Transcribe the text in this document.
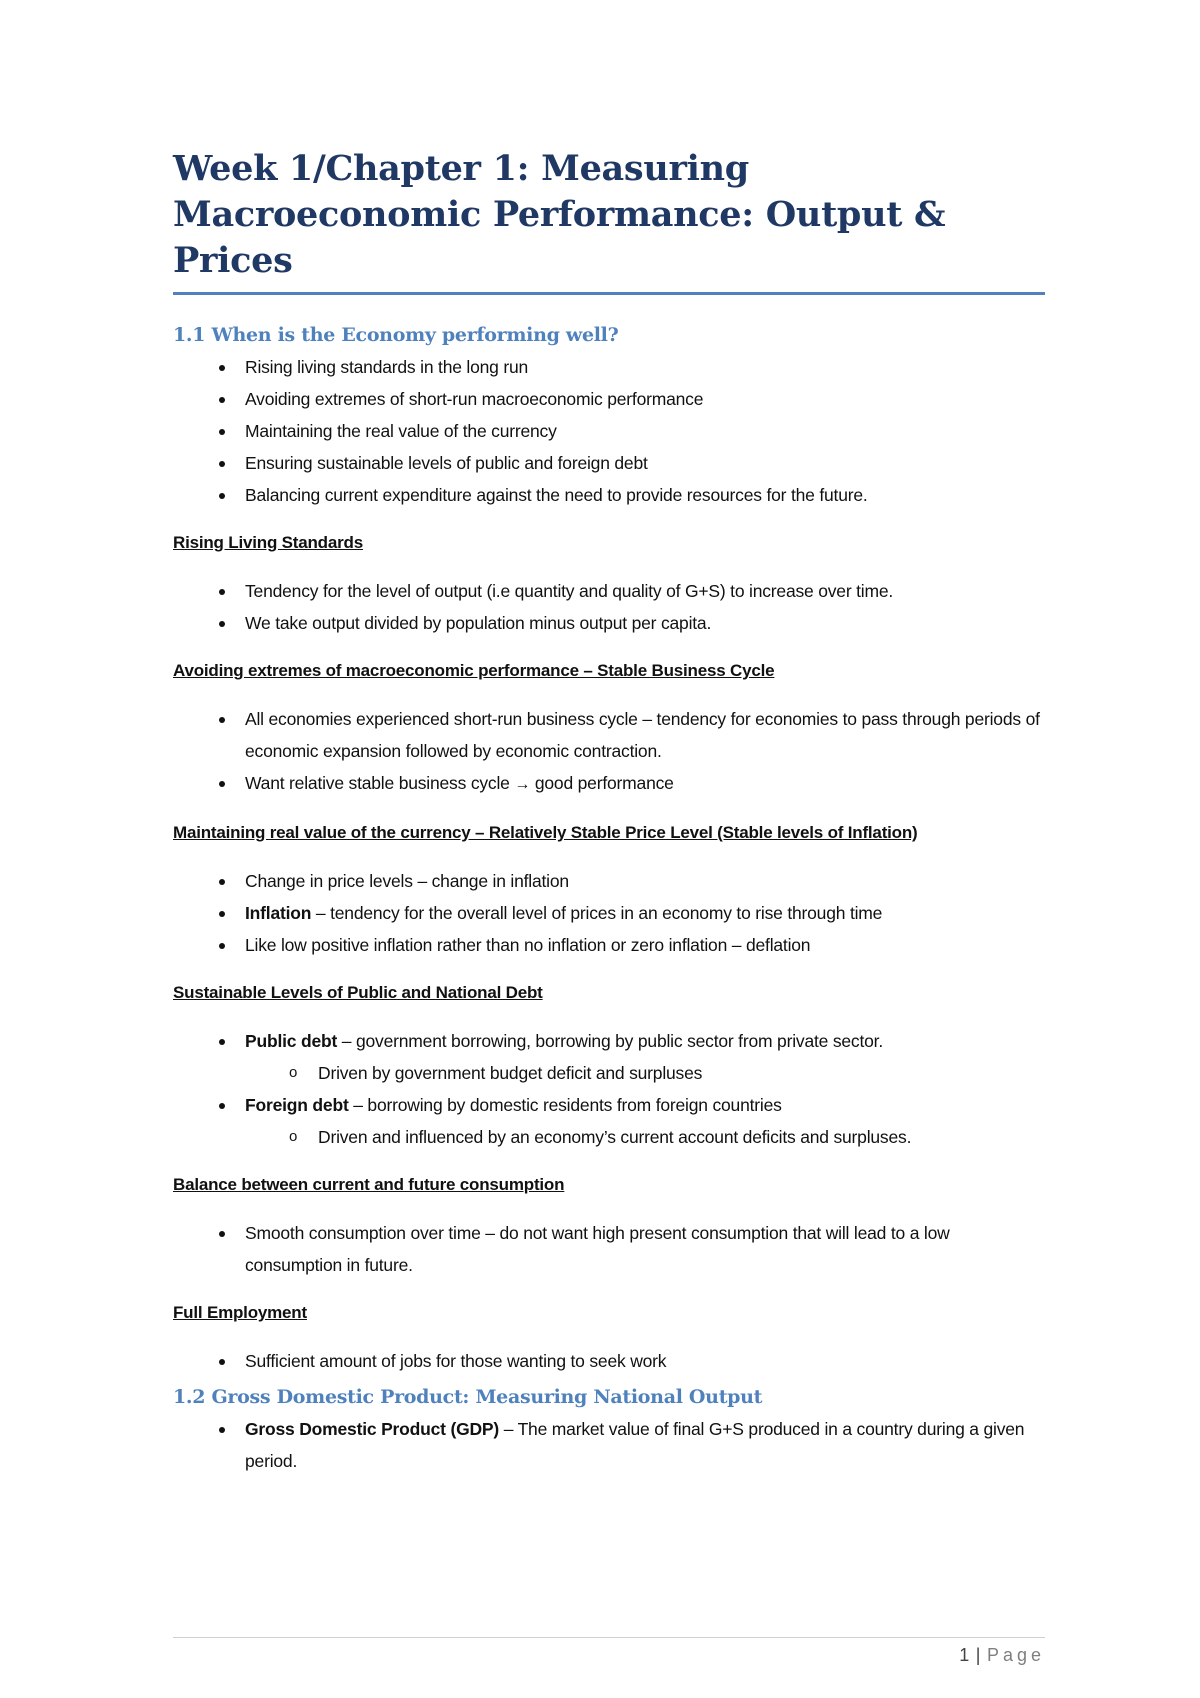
Week 1/Chapter 1: Measuring Macroeconomic Performance: Output & Prices
1.1 When is the Economy performing well?
Rising living standards in the long run
Avoiding extremes of short-run macroeconomic performance
Maintaining the real value of the currency
Ensuring sustainable levels of public and foreign debt
Balancing current expenditure against the need to provide resources for the future.
Rising Living Standards
Tendency for the level of output (i.e quantity and quality of G+S) to increase over time.
We take output divided by population minus output per capita.
Avoiding extremes of macroeconomic performance – Stable Business Cycle
All economies experienced short-run business cycle – tendency for economies to pass through periods of economic expansion followed by economic contraction.
Want relative stable business cycle → good performance
Maintaining real value of the currency – Relatively Stable Price Level (Stable levels of Inflation)
Change in price levels – change in inflation
Inflation – tendency for the overall level of prices in an economy to rise through time
Like low positive inflation rather than no inflation or zero inflation – deflation
Sustainable Levels of Public and National Debt
Public debt – government borrowing, borrowing by public sector from private sector.
o Driven by government budget deficit and surpluses
Foreign debt – borrowing by domestic residents from foreign countries
o Driven and influenced by an economy’s current account deficits and surpluses.
Balance between current and future consumption
Smooth consumption over time – do not want high present consumption that will lead to a low consumption in future.
Full Employment
Sufficient amount of jobs for those wanting to seek work
1.2 Gross Domestic Product: Measuring National Output
Gross Domestic Product (GDP) – The market value of final G+S produced in a country during a given period.
1 | Page
